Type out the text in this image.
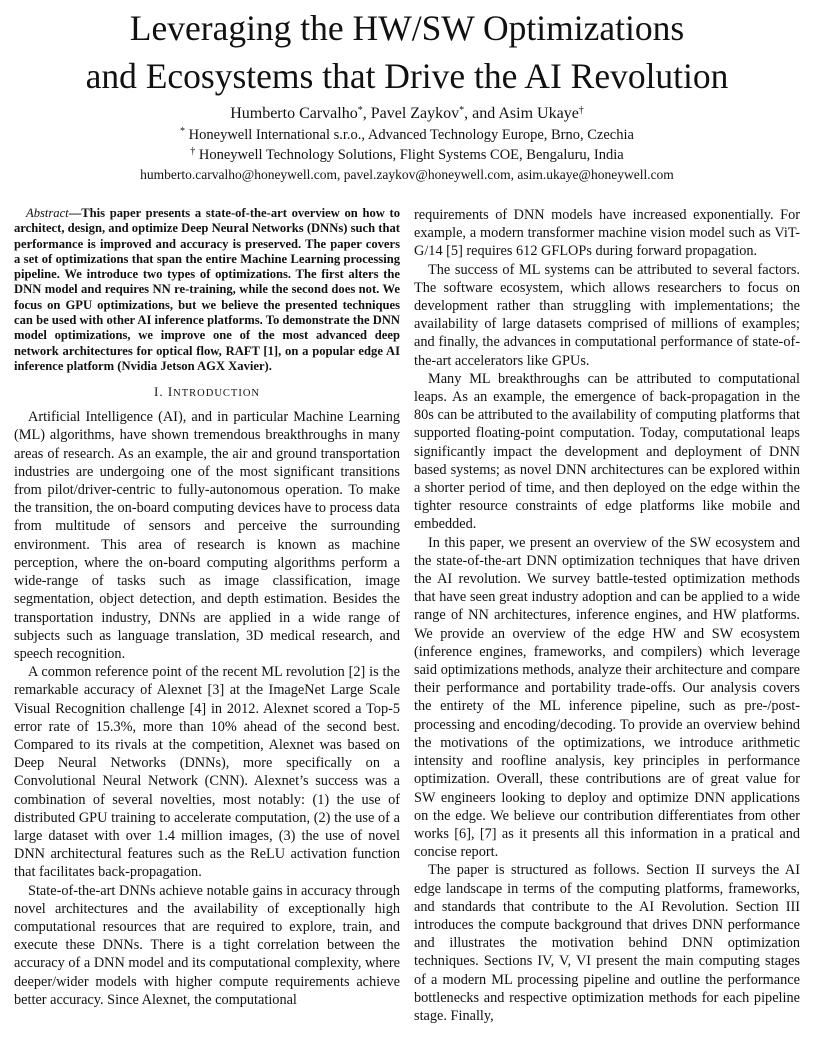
Leveraging the HW/SW Optimizations
and Ecosystems that Drive the AI Revolution
Humberto Carvalho*, Pavel Zaykov*, and Asim Ukaye†
* Honeywell International s.r.o., Advanced Technology Europe, Brno, Czechia
† Honeywell Technology Solutions, Flight Systems COE, Bengaluru, India
humberto.carvalho@honeywell.com, pavel.zaykov@honeywell.com, asim.ukaye@honeywell.com

Abstract—This paper presents a state-of-the-art overview on how to architect, design, and optimize Deep Neural Networks (DNNs) such that performance is improved and accuracy is preserved. The paper covers a set of optimizations that span the entire Machine Learning processing pipeline. We introduce two types of optimizations. The first alters the DNN model and requires NN re-training, while the second does not. We focus on GPU optimizations, but we believe the presented techniques can be used with other AI inference platforms. To demonstrate the DNN model optimizations, we improve one of the most advanced deep network architectures for optical flow, RAFT [1], on a popular edge AI inference platform (Nvidia Jetson AGX Xavier).

I. INTRODUCTION

Artificial Intelligence (AI), and in particular Machine Learning (ML) algorithms, have shown tremendous breakthroughs in many areas of research. As an example, the air and ground transportation industries are undergoing one of the most significant transitions from pilot/driver-centric to fully-autonomous operation. To make the transition, the on-board computing devices have to process data from multitude of sensors and perceive the surrounding environment. This area of research is known as machine perception, where the on-board computing algorithms perform a wide-range of tasks such as image classification, image segmentation, object detection, and depth estimation. Besides the transportation industry, DNNs are applied in a wide range of subjects such as language translation, 3D medical research, and speech recognition.

A common reference point of the recent ML revolution [2] is the remarkable accuracy of Alexnet [3] at the ImageNet Large Scale Visual Recognition challenge [4] in 2012. Alexnet scored a Top-5 error rate of 15.3%, more than 10% ahead of the second best. Compared to its rivals at the competition, Alexnet was based on Deep Neural Networks (DNNs), more specifically on a Convolutional Neural Network (CNN). Alexnet’s success was a combination of several novelties, most notably: (1) the use of distributed GPU training to accelerate computation, (2) the use of a large dataset with over 1.4 million images, (3) the use of novel DNN architectural features such as the ReLU activation function that facilitates back-propagation.

State-of-the-art DNNs achieve notable gains in accuracy through novel architectures and the availability of exceptionally high computational resources that are required to explore, train, and execute these DNNs. There is a tight correlation between the accuracy of a DNN model and its computational complexity, where deeper/wider models with higher compute requirements achieve better accuracy. Since Alexnet, the computational

requirements of DNN models have increased exponentially. For example, a modern transformer machine vision model such as ViT-G/14 [5] requires 612 GFLOPs during forward propagation.

The success of ML systems can be attributed to several factors. The software ecosystem, which allows researchers to focus on development rather than struggling with implementations; the availability of large datasets comprised of millions of examples; and finally, the advances in computational performance of state-of-the-art accelerators like GPUs.

Many ML breakthroughs can be attributed to computational leaps. As an example, the emergence of back-propagation in the 80s can be attributed to the availability of computing platforms that supported floating-point computation. Today, computational leaps significantly impact the development and deployment of DNN based systems; as novel DNN architectures can be explored within a shorter period of time, and then deployed on the edge within the tighter resource constraints of edge platforms like mobile and embedded.

In this paper, we present an overview of the SW ecosystem and the state-of-the-art DNN optimization techniques that have driven the AI revolution. We survey battle-tested optimization methods that have seen great industry adoption and can be applied to a wide range of NN architectures, inference engines, and HW platforms. We provide an overview of the edge HW and SW ecosystem (inference engines, frameworks, and compilers) which leverage said optimizations methods, analyze their architecture and compare their performance and portability trade-offs. Our analysis covers the entirety of the ML inference pipeline, such as pre-/post-processing and encoding/decoding. To provide an overview behind the motivations of the optimizations, we introduce arithmetic intensity and roofline analysis, key principles in performance optimization. Overall, these contributions are of great value for SW engineers looking to deploy and optimize DNN applications on the edge. We believe our contribution differentiates from other works [6], [7] as it presents all this information in a pratical and concise report.

The paper is structured as follows. Section II surveys the AI edge landscape in terms of the computing platforms, frameworks, and standards that contribute to the AI Revolution. Section III introduces the compute background that drives DNN performance and illustrates the motivation behind DNN optimization techniques. Sections IV, V, VI present the main computing stages of a modern ML processing pipeline and outline the performance bottlenecks and respective optimization methods for each pipeline stage. Finally,
